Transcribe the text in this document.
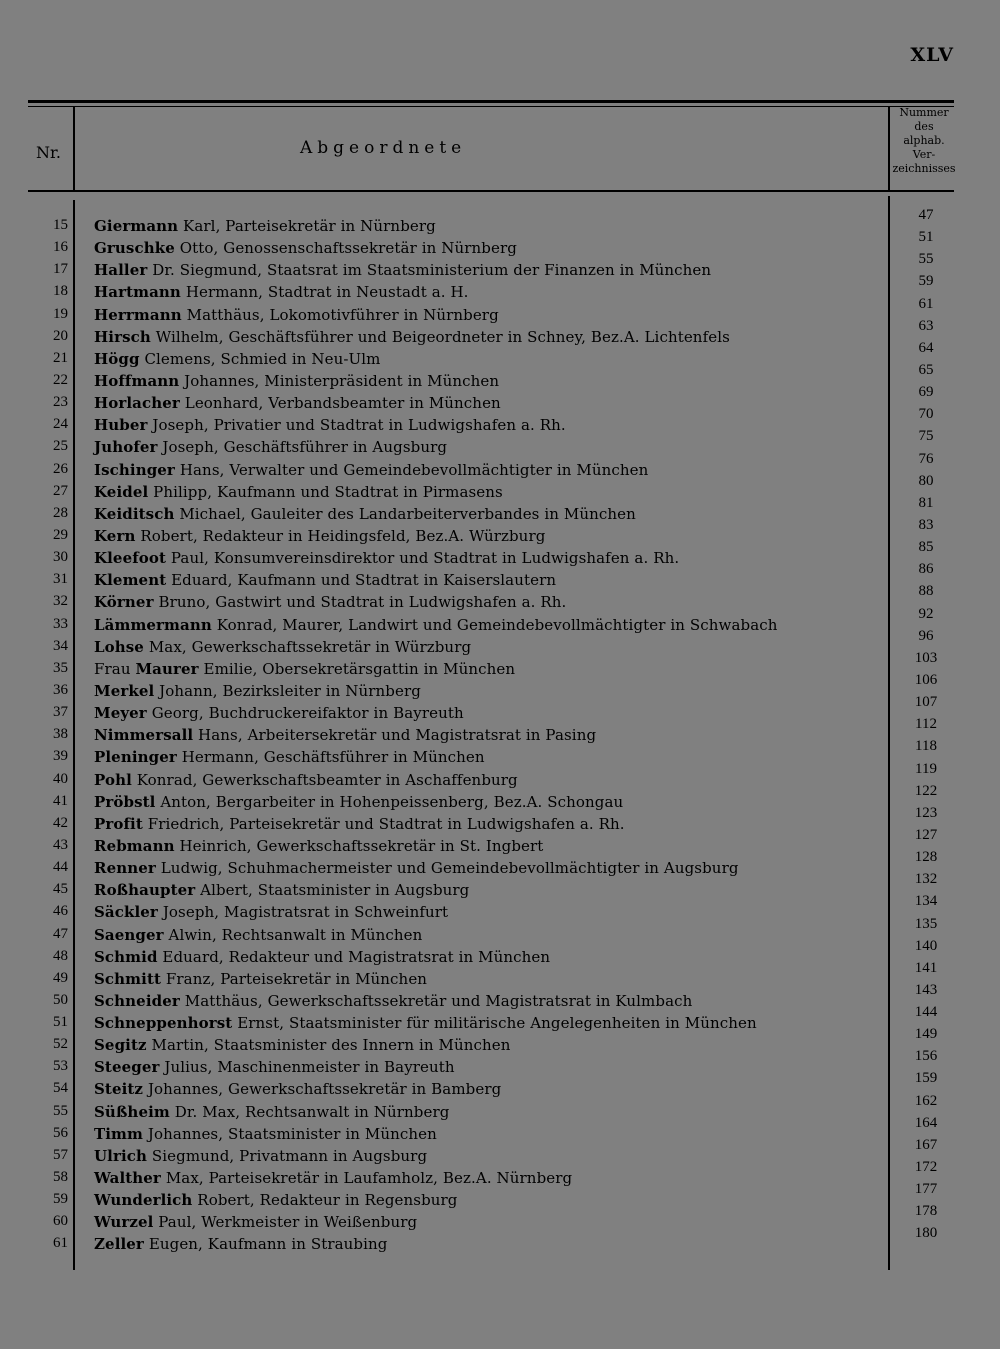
XLV
Nr.	Abgeordnete
Nummer
des
alphab.
Ver-
zeichnisses
15 Giermann Karl, Parteisekretär in Nürnberg
47
16 Gruschke Otto, Genossenschaftssekretär in Nürnberg
51
17 Haller Dr. Siegmund, Staatsrat im Staatsministerium der Finanzen in München
55
18 Hartmann Hermann, Stadtrat in Neustadt a. H.
59
19 Herrmann Matthäus, Lokomotivführer in Nürnberg
61
20 Hirsch Wilhelm, Geschäftsführer und Beigeordneter in Schney, Bez.A. Lichtenfels
63
21 Högg Clemens, Schmied in Neu-Ulm
64
22 Hoffmann Johannes, Ministerpräsident in München
65
23 Horlacher Leonhard, Verbandsbeamter in München
69
24 Huber Joseph, Privatier und Stadtrat in Ludwigshafen a. Rh.
70
25 Juhofer Joseph, Geschäftsführer in Augsburg
75
26 Ischinger Hans, Verwalter und Gemeindebevollmächtigter in München
76
27 Keidel Philipp, Kaufmann und Stadtrat in Pirmasens
80
28 Keiditsch Michael, Gauleiter des Landarbeiterverbandes in München
81
29 Kern Robert, Redakteur in Heidingsfeld, Bez.A. Würzburg
83
30 Kleefoot Paul, Konsumvereinsdirektor und Stadtrat in Ludwigshafen a. Rh.
85
31 Klement Eduard, Kaufmann und Stadtrat in Kaiserslautern
86
32 Körner Bruno, Gastwirt und Stadtrat in Ludwigshafen a. Rh.
88
33 Lämmermann Konrad, Maurer, Landwirt und Gemeindebevollmächtigter in Schwabach
92
34 Lohse Max, Gewerkschaftssekretär in Würzburg
96
35 Frau Maurer Emilie, Obersekretärsgattin in München
103
36 Merkel Johann, Bezirksleiter in Nürnberg
106
37 Meyer Georg, Buchdruckereifaktor in Bayreuth
107
38 Nimmersall Hans, Arbeitersekretär und Magistratsrat in Pasing
112
39 Pleninger Hermann, Geschäftsführer in München
118
40 Pohl Konrad, Gewerkschaftsbeamter in Aschaffenburg
119
41 Pröbstl Anton, Bergarbeiter in Hohenpeissenberg, Bez.A. Schongau
122
42 Profit Friedrich, Parteisekretär und Stadtrat in Ludwigshafen a. Rh.
123
43 Rebmann Heinrich, Gewerkschaftssekretär in St. Ingbert
127
44 Renner Ludwig, Schuhmachermeister und Gemeindebevollmächtigter in Augsburg
128
45 Roßhaupter Albert, Staatsminister in Augsburg
132
46 Säckler Joseph, Magistratsrat in Schweinfurt
134
47 Saenger Alwin, Rechtsanwalt in München
135
48 Schmid Eduard, Redakteur und Magistratsrat in München
140
49 Schmitt Franz, Parteisekretär in München
141
50 Schneider Matthäus, Gewerkschaftssekretär und Magistratsrat in Kulmbach
143
51 Schneppenhorst Ernst, Staatsminister für militärische Angelegenheiten in München
144
52 Segitz Martin, Staatsminister des Innern in München
149
53 Steeger Julius, Maschinenmeister in Bayreuth
156
54 Steitz Johannes, Gewerkschaftssekretär in Bamberg
159
55 Süßheim Dr. Max, Rechtsanwalt in Nürnberg
162
56 Timm Johannes, Staatsminister in München
164
57 Ulrich Siegmund, Privatmann in Augsburg
167
58 Walther Max, Parteisekretär in Laufamholz, Bez.A. Nürnberg
172
59 Wunderlich Robert, Redakteur in Regensburg
177
60 Wurzel Paul, Werkmeister in Weißenburg
178
61 Zeller Eugen, Kaufmann in Straubing
180
